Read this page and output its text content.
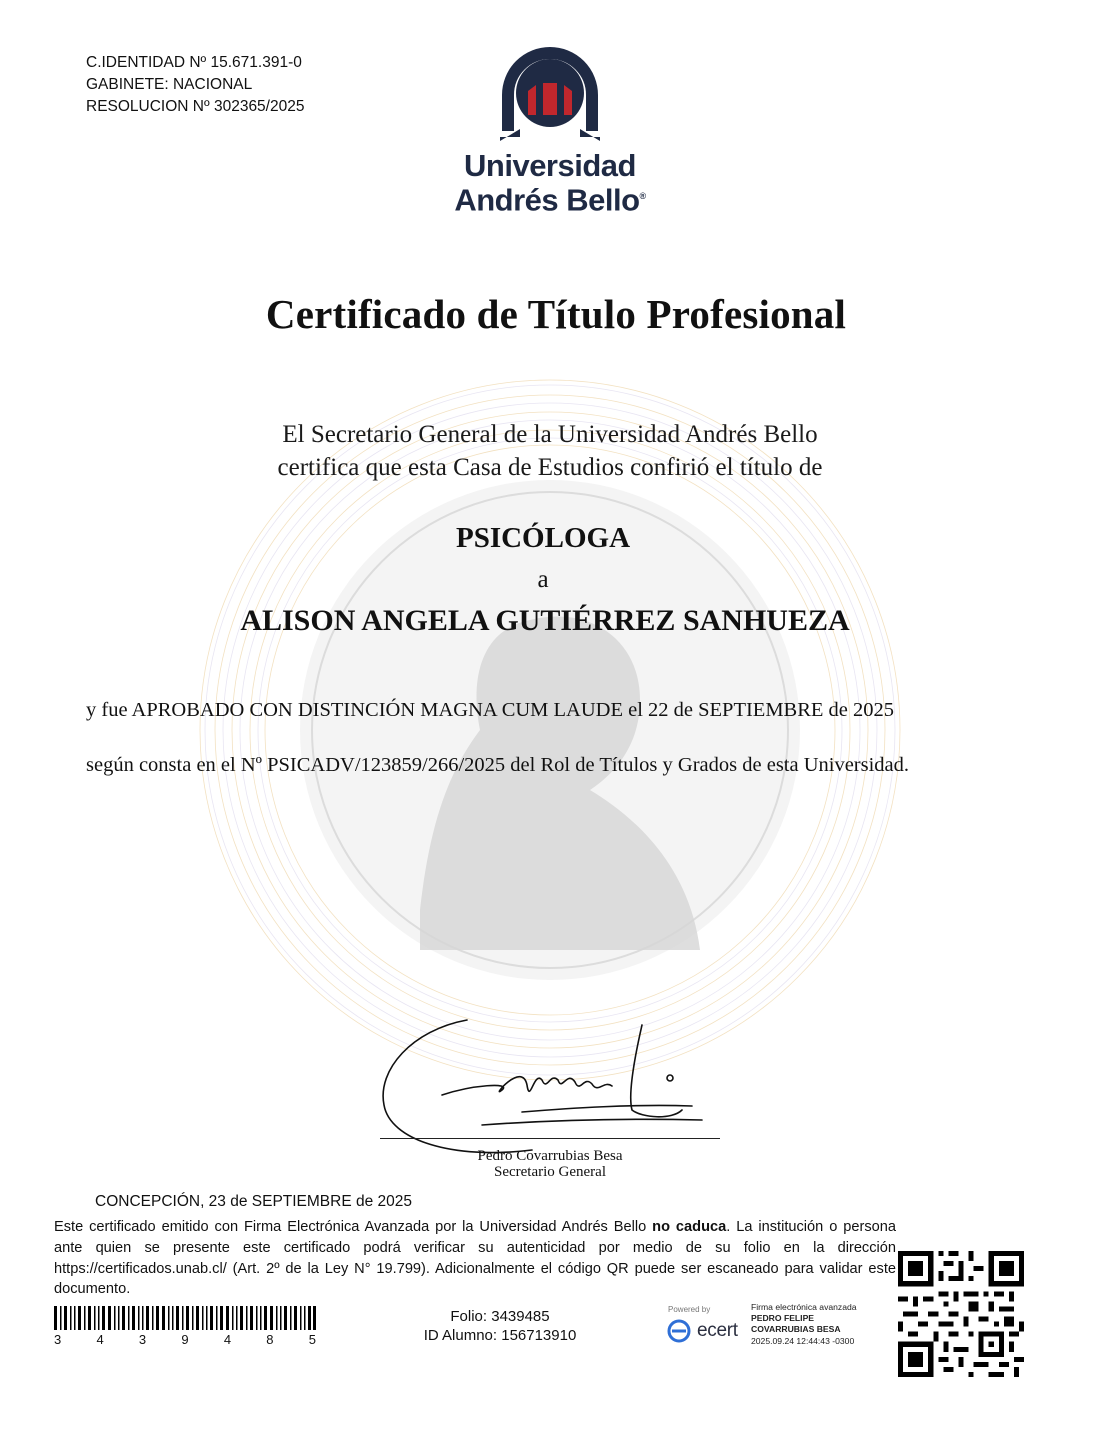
C.IDENTIDAD Nº 15.671.391-0
GABINETE: NACIONAL
RESOLUCION Nº 302365/2025
Universidad
Andrés Bello®
Certificado de Título Profesional
El Secretario General de la Universidad Andrés Bello
certifica que esta Casa de Estudios confirió el título de
PSICÓLOGA
a
ALISON ANGELA GUTIÉRREZ SANHUEZA
y fue APROBADO CON DISTINCIÓN MAGNA CUM LAUDE el 22 de SEPTIEMBRE de 2025
según consta en el Nº PSICADV/123859/266/2025 del Rol de Títulos y Grados de esta Universidad.
Pedro Covarrubias Besa
Secretario General
CONCEPCIÓN, 23 de SEPTIEMBRE de 2025
Este certificado emitido con Firma Electrónica Avanzada por la Universidad Andrés Bello no caduca. La institución o persona ante quien se presente este certificado podrá verificar su autenticidad por medio de su folio en la dirección https://certificados.unab.cl/ (Art. 2º de la Ley N° 19.799). Adicionalmente el código QR puede ser escaneado para validar este documento.
3	4	3	9	4	8	5
Folio: 3439485
ID Alumno: 156713910
Powered by
ecert
Firma electrónica avanzada
PEDRO FELIPE
COVARRUBIAS BESA
2025.09.24 12:44:43 -0300
